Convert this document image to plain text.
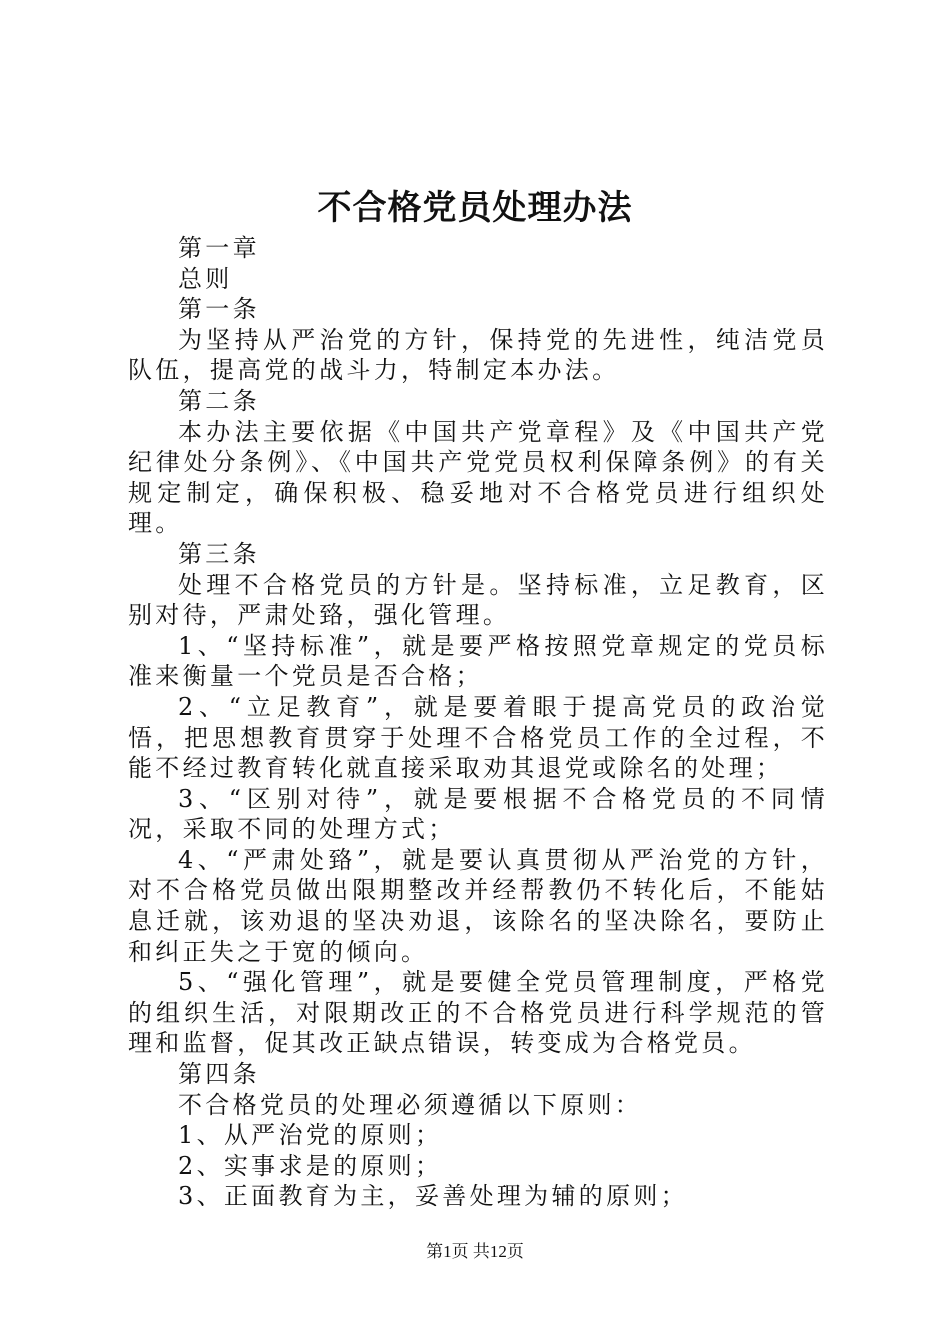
不合格党员处理办法

第一章

总则

第一条

为坚持从严治党的方针，保持党的先进性，纯洁党员队伍，提高党的战斗力，特制定本办法。

第二条

本办法主要依据《中国共产党章程》及《中国共产党纪律处分条例》、《中国共产党党员权利保障条例》的有关规定制定，确保积极、稳妥地对不合格党员进行组织处理。

第三条

处理不合格党员的方针是。坚持标准，立足教育，区别对待，严肃处臵，强化管理。

1、“坚持标准”，就是要严格按照党章规定的党员标准来衡量一个党员是否合格；

2、“立足教育”，就是要着眼于提高党员的政治觉悟，把思想教育贯穿于处理不合格党员工作的全过程，不能不经过教育转化就直接采取劝其退党或除名的处理；

3、“区别对待”，就是要根据不合格党员的不同情况，采取不同的处理方式；

4、“严肃处臵”，就是要认真贯彻从严治党的方针，对不合格党员做出限期整改并经帮教仍不转化后，不能姑息迁就，该劝退的坚决劝退，该除名的坚决除名，要防止和纠正失之于宽的倾向。

5、“强化管理”，就是要健全党员管理制度，严格党的组织生活，对限期改正的不合格党员进行科学规范的管理和监督，促其改正缺点错误，转变成为合格党员。

第四条

不合格党员的处理必须遵循以下原则：

1、从严治党的原则；

2、实事求是的原则；

3、正面教育为主，妥善处理为辅的原则；

第1页 共12页
